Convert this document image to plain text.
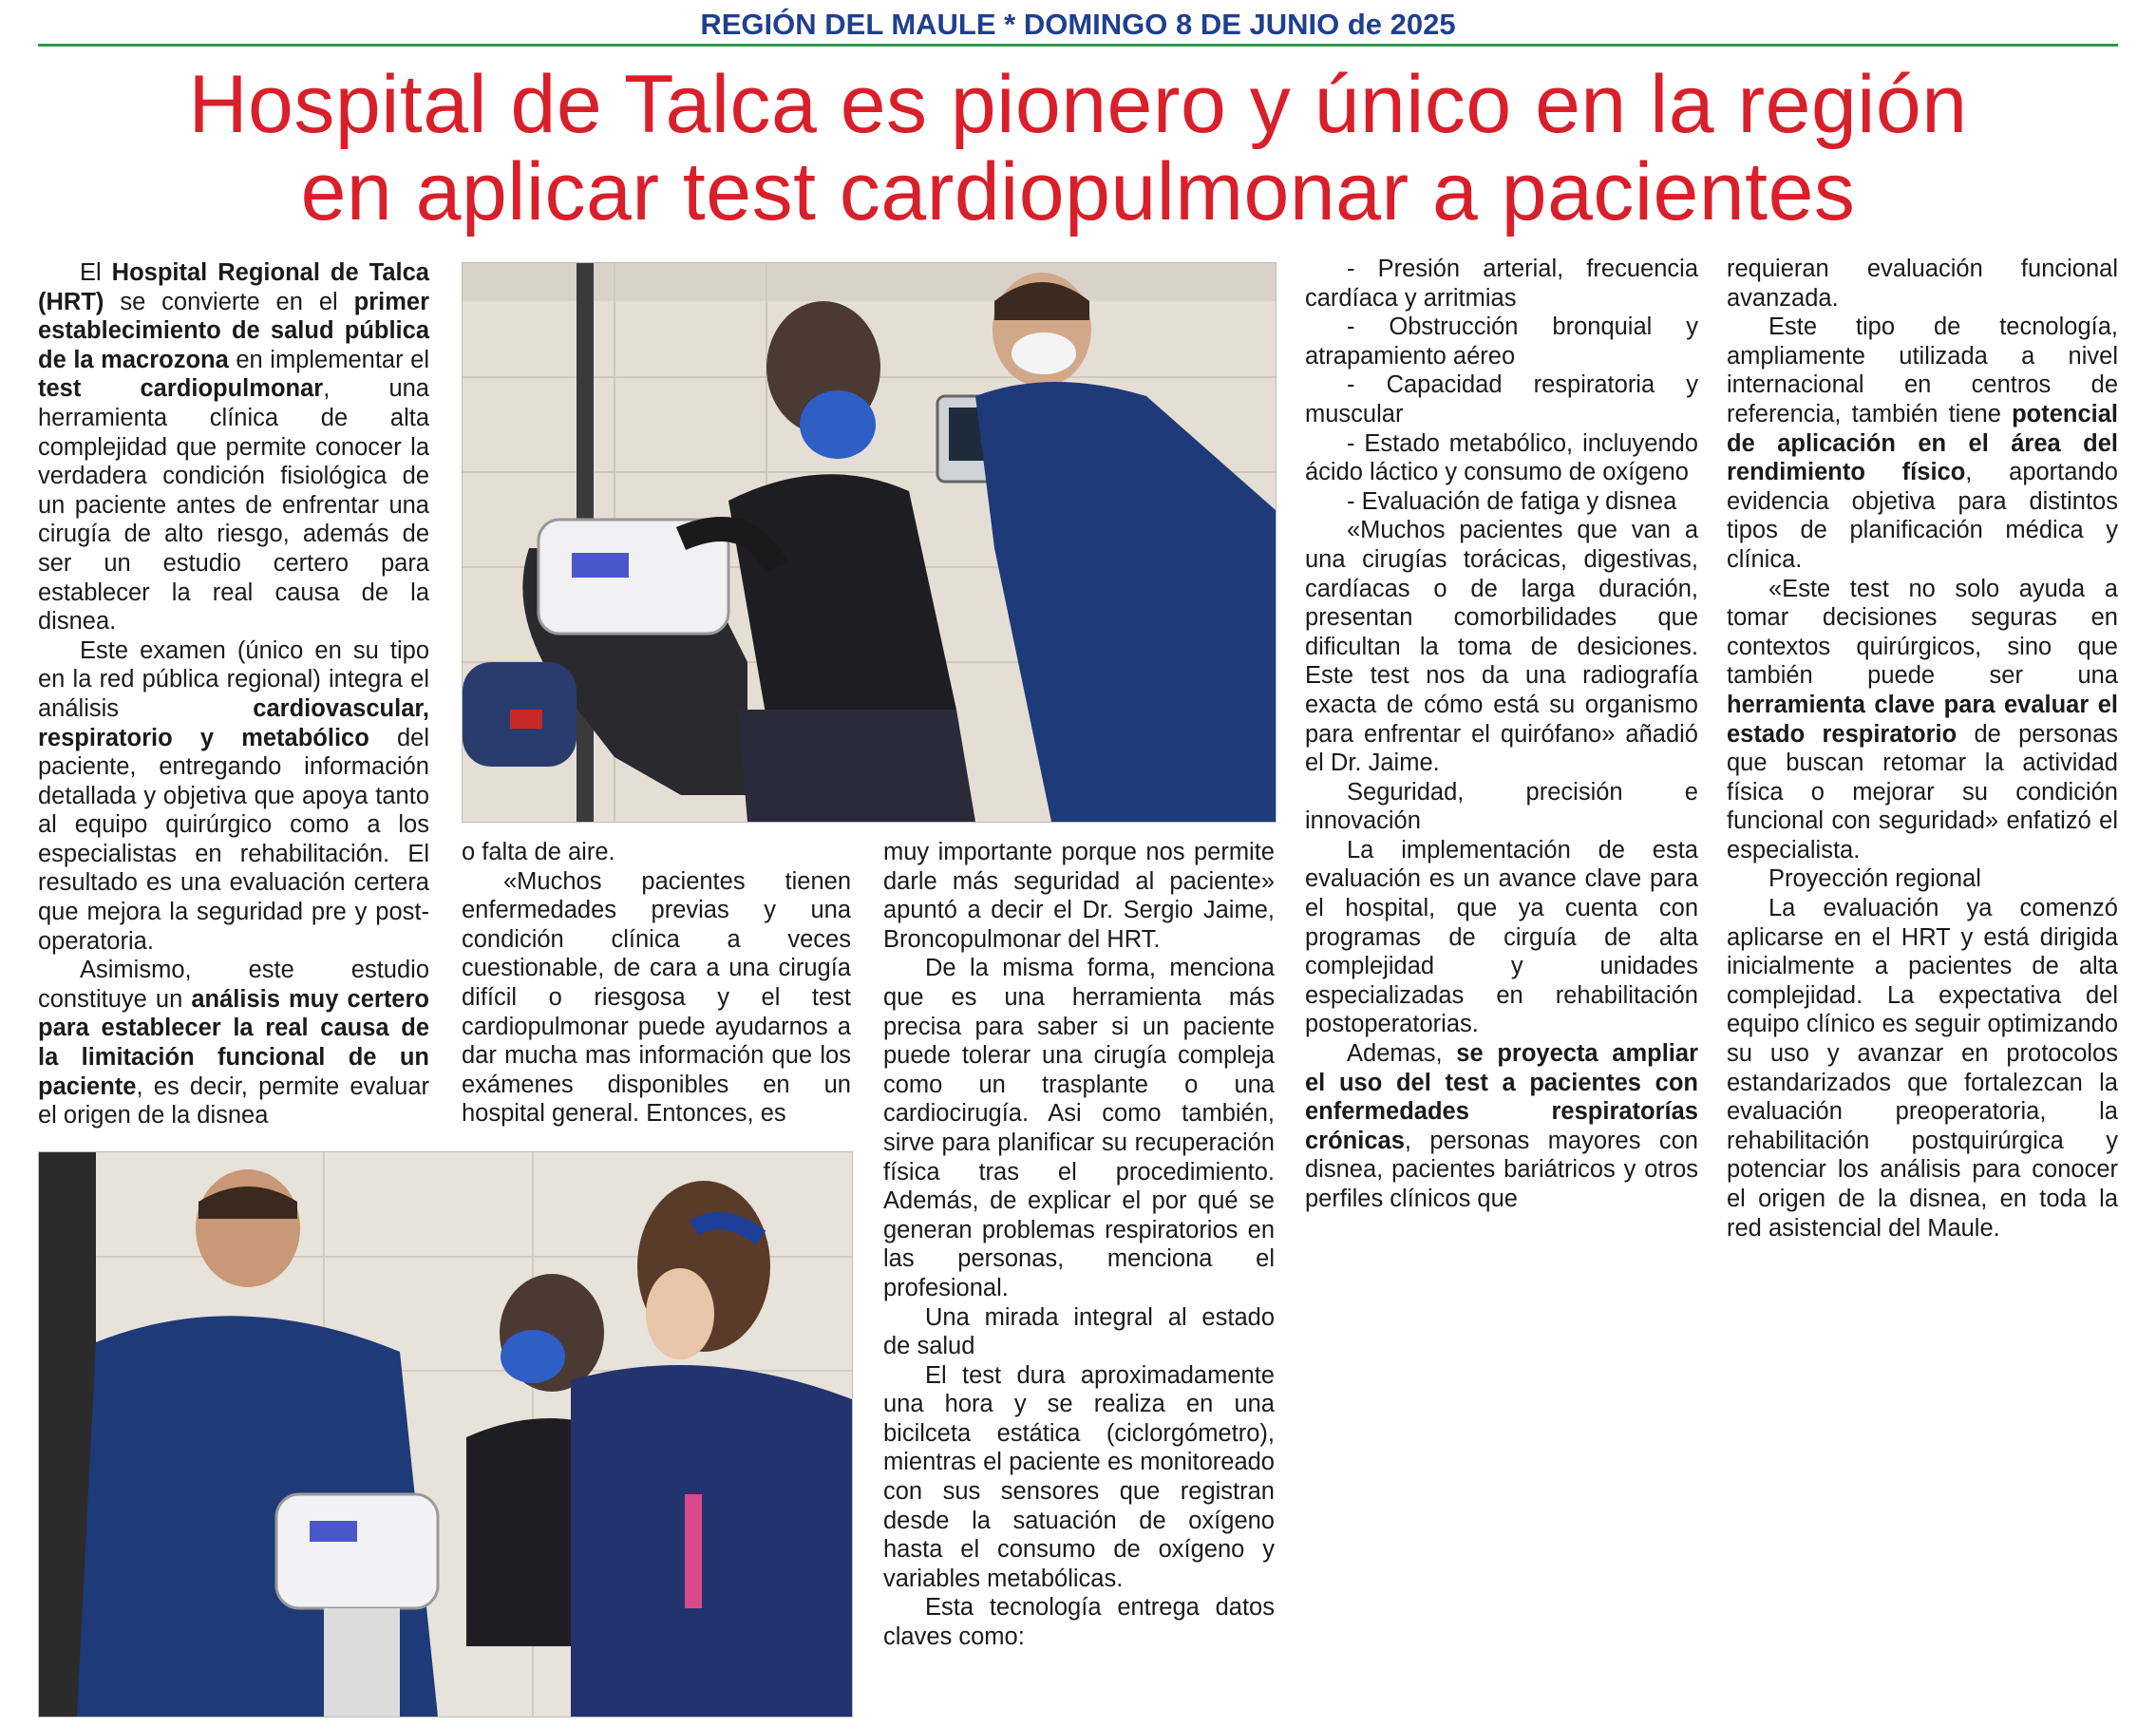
REGIÓN DEL MAULE * DOMINGO 8 DE JUNIO de 2025
Hospital de Talca es pionero y único en la región
en aplicar test cardiopulmonar a pacientes

El Hospital Regional de Talca (HRT) se convierte en el primer establecimiento de salud pública de la macrozona en implementar el test cardiopulmonar, una herramienta clínica de alta complejidad que permite conocer la verdadera condición fisiológica de un paciente antes de enfrentar una cirugía de alto riesgo, además de ser un estudio certero para establecer la real causa de la disnea.

Este examen (único en su tipo en la red pública regional) integra el análisis cardiovascular, respiratorio y metabólico del paciente, entregando información detallada y objetiva que apoya tanto al equipo quirúrgico como a los especialistas en rehabilitación. El resultado es una evaluación certera que mejora la seguridad pre y post-operatoria.

Asimismo, este estudio constituye un análisis muy certero para establecer la real causa de la limitación funcional de un paciente, es decir, permite evaluar el origen de la disnea

o falta de aire.

«Muchos pacientes tienen enfermedades previas y una condición clínica a veces cuestionable, de cara a una cirugía difícil o riesgosa y el test cardiopulmonar puede ayudarnos a dar mucha mas información que los exámenes disponibles en un hospital general. Entonces, es

muy importante porque nos permite darle más seguridad al paciente» apuntó a decir el Dr. Sergio Jaime, Broncopulmonar del HRT.

De la misma forma, menciona que es una herramienta más precisa para saber si un paciente puede tolerar una cirugía compleja como un trasplante o una cardiocirugía. Asi como también, sirve para planificar su recuperación física tras el procedimiento. Además, de explicar el por qué se generan problemas respiratorios en las personas, menciona el profesional.

Una mirada integral al estado de salud

El test dura aproximadamente una hora y se realiza en una bicilceta estática (ciclorgómetro), mientras el paciente es monitoreado con sus sensores que registran desde la satuación de oxígeno hasta el consumo de oxígeno y variables metabólicas.

Esta tecnología entrega datos claves como:

- Presión arterial, frecuencia cardíaca y arritmias

- Obstrucción bronquial y atrapamiento aéreo

- Capacidad respiratoria y muscular

- Estado metabólico, incluyendo ácido láctico y consumo de oxígeno

- Evaluación de fatiga y disnea

«Muchos pacientes que van a una cirugías torácicas, digestivas, cardíacas o de larga duración, presentan comorbilidades que dificultan la toma de desiciones. Este test nos da una radiografía exacta de cómo está su organismo para enfrentar el quirófano» añadió el Dr. Jaime.

Seguridad, precisión e innovación

La implementación de esta evaluación es un avance clave para el hospital, que ya cuenta con programas de cirguía de alta complejidad y unidades especializadas en rehabilitación postoperatorias.

Ademas, se proyecta ampliar el uso del test a pacientes con enfermedades respiratorías crónicas, personas mayores con disnea, pacientes bariátricos y otros perfiles clínicos que

requieran evaluación funcional avanzada.

Este tipo de tecnología, ampliamente utilizada a nivel internacional en centros de referencia, también tiene potencial de aplicación en el área del rendimiento físico, aportando evidencia objetiva para distintos tipos de planificación médica y clínica.

«Este test no solo ayuda a tomar decisiones seguras en contextos quirúrgicos, sino que también puede ser una herramienta clave para evaluar el estado respiratorio de personas que buscan retomar la actividad física o mejorar su condición funcional con seguridad» enfatizó el especialista.

Proyección regional

La evaluación ya comenzó aplicarse en el HRT y está dirigida inicialmente a pacientes de alta complejidad. La expectativa del equipo clínico es seguir optimizando su uso y avanzar en protocolos estandarizados que fortalezcan la evaluación preoperatoria, la rehabilitación postquirúrgica y potenciar los análisis para conocer el origen de la disnea, en toda la red asistencial del Maule.
